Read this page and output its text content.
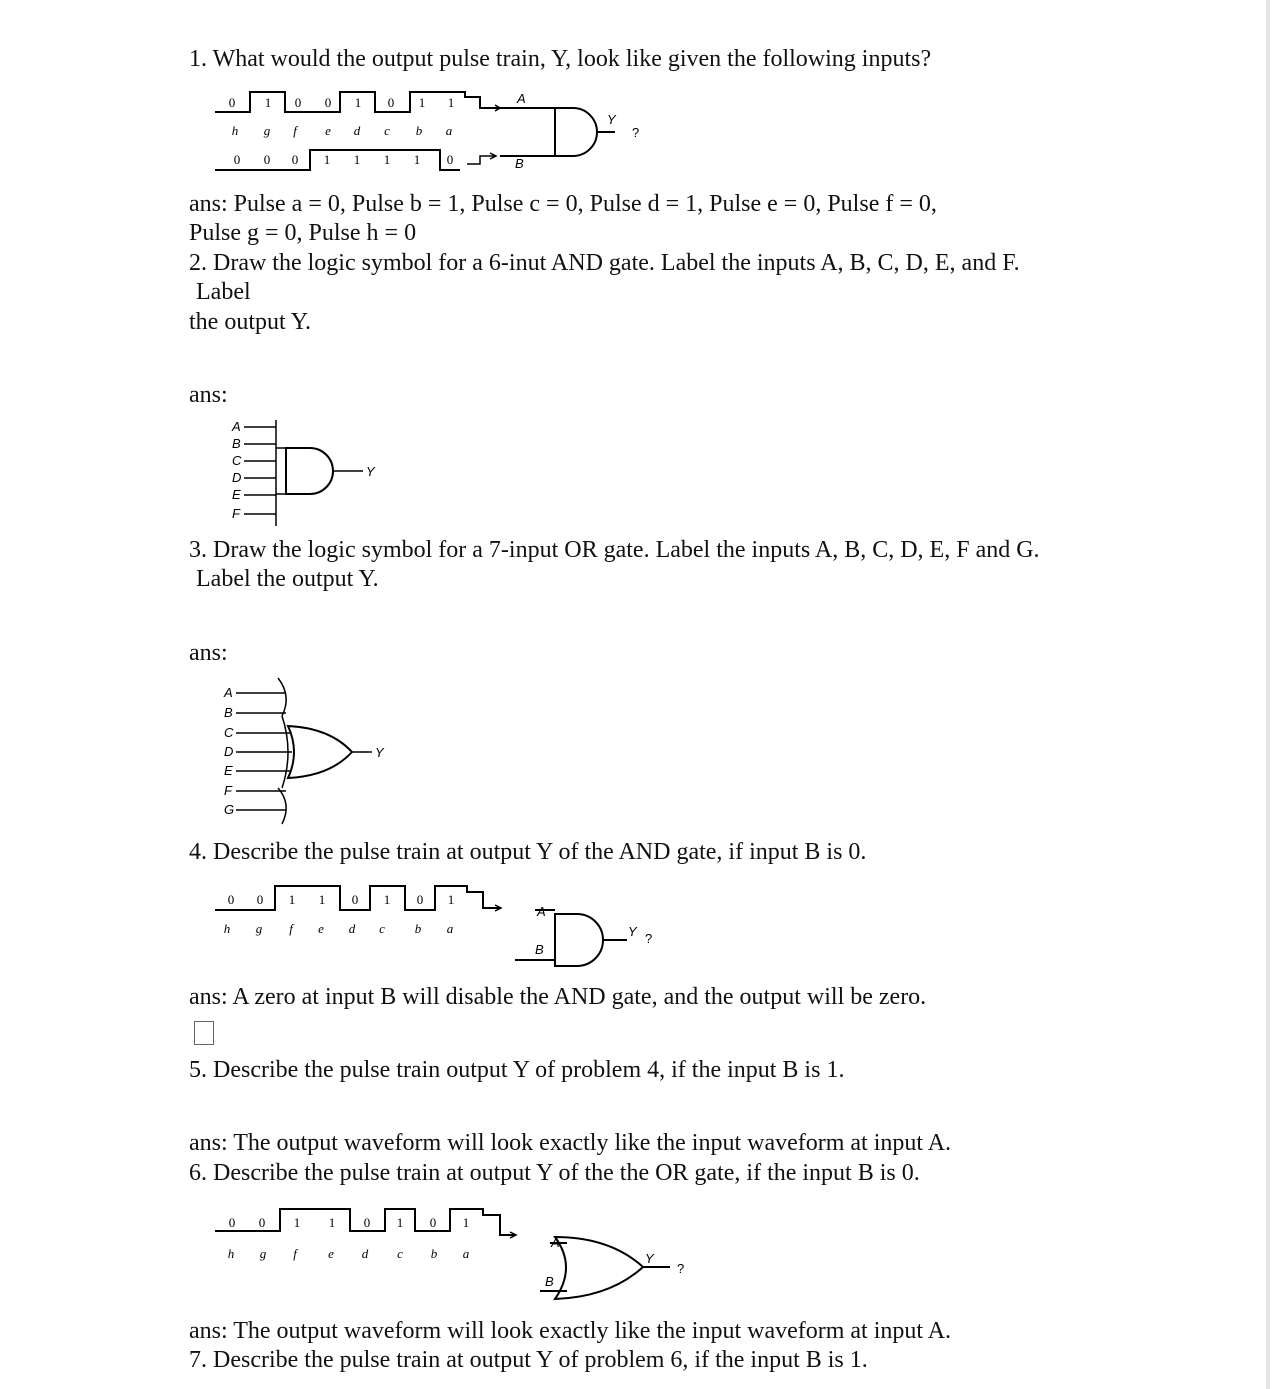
1. What would the output pulse train, Y, look like given the following inputs?

0 1 0 0 1 0 1 1
h g f e d c b a
0 0 0 1 1 1 1 0
A
B
Y
?

ans: Pulse a = 0, Pulse b = 1, Pulse c = 0, Pulse d = 1, Pulse e = 0, Pulse f = 0,

Pulse g = 0, Pulse h = 0

2. Draw the logic symbol for a 6-inut AND gate. Label the inputs A, B, C, D, E, and F.

Label

the output Y.

ans:

A
B
C
D
E
F
Y

3. Draw the logic symbol for a 7-input OR gate. Label the inputs A, B, C, D, E, F and G.

Label the output Y.

ans:

A
B
C
D
E
F
G
Y

4. Describe the pulse train at output Y of the AND gate, if input B is 0.

0 0 1 1 0 1 0 1
h g f e d c b a
A
B
Y ?

ans: A zero at input B will disable the AND gate, and the output will be zero.

5. Describe the pulse train output Y of problem 4, if the input B is 1.

ans: The output waveform will look exactly like the input waveform at input A.

6. Describe the pulse train at output Y of the the OR gate, if the input B is 0.

0 0 1 1 0 1 0 1
h g f e d c b a
A
B
Y
?

ans: The output waveform will look exactly like the input waveform at input A.

7. Describe the pulse train at output Y of problem 6, if the input B is 1.
